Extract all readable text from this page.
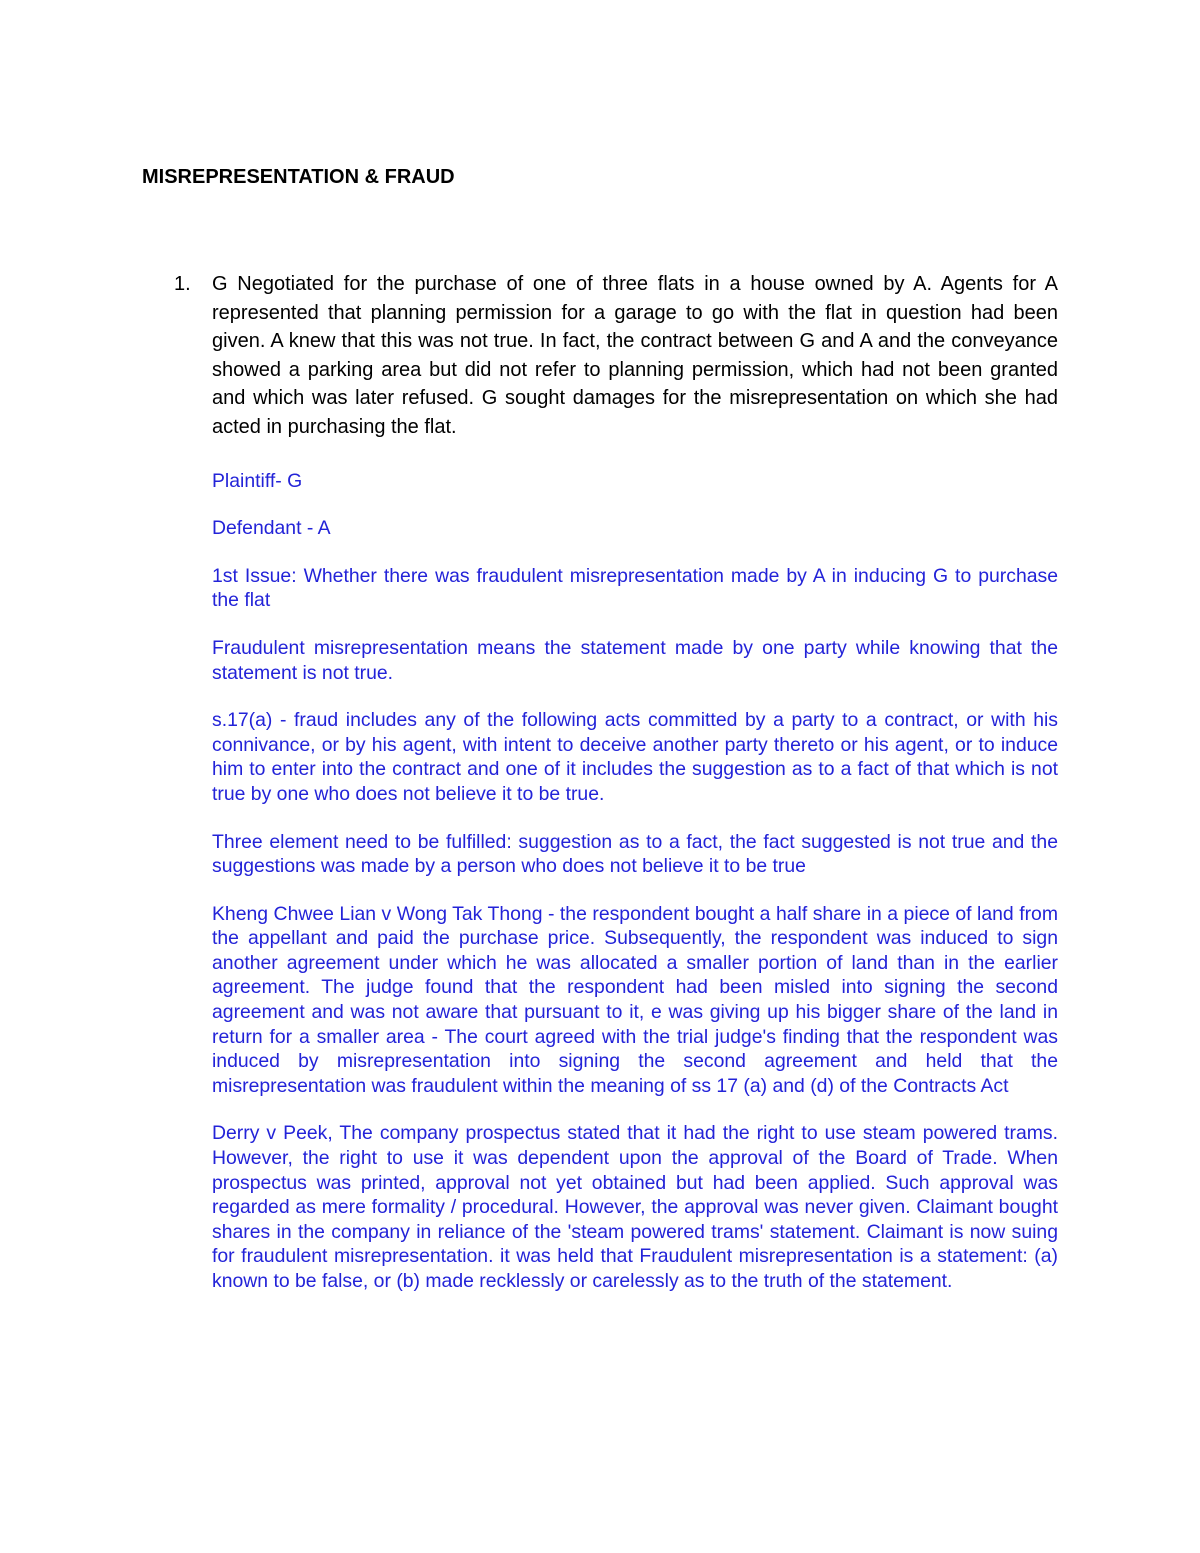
MISREPRESENTATION & FRAUD
1. G Negotiated for the purchase of one of three flats in a house owned by A. Agents for A represented that planning permission for a garage to go with the flat in question had been given. A knew that this was not true. In fact, the contract between G and A and the conveyance showed a parking area but did not refer to planning permission, which had not been granted and which was later refused. G sought damages for the misrepresentation on which she had acted in purchasing the flat.

Plaintiff- G

Defendant - A

1st Issue: Whether there was fraudulent misrepresentation made by A in inducing G to purchase the flat

Fraudulent misrepresentation means the statement made by one party while knowing that the statement is not true.

s.17(a) - fraud includes any of the following acts committed by a party to a contract, or with his connivance, or by his agent, with intent to deceive another party thereto or his agent, or to induce him to enter into the contract and one of it includes the suggestion as to a fact of that which is not true by one who does not believe it to be true.

Three element need to be fulfilled: suggestion as to a fact, the fact suggested is not true and the suggestions was made by a person who does not believe it to be true

Kheng Chwee Lian v Wong Tak Thong - the respondent bought a half share in a piece of land from the appellant and paid the purchase price. Subsequently, the respondent was induced to sign another agreement under which he was allocated a smaller portion of land than in the earlier agreement. The judge found that the respondent had been misled into signing the second agreement and was not aware that pursuant to it, e was giving up his bigger share of the land in return for a smaller area - The court agreed with the trial judge's finding that the respondent was induced by misrepresentation into signing the second agreement and held that the misrepresentation was fraudulent within the meaning of ss 17 (a) and (d) of the Contracts Act

Derry v Peek, The company prospectus stated that it had the right to use steam powered trams. However, the right to use it was dependent upon the approval of the Board of Trade. When prospectus was printed, approval not yet obtained but had been applied. Such approval was regarded as mere formality / procedural. However, the approval was never given. Claimant bought shares in the company in reliance of the 'steam powered trams' statement. Claimant is now suing for fraudulent misrepresentation. it was held that Fraudulent misrepresentation is a statement: (a) known to be false, or (b) made recklessly or carelessly as to the truth of the statement.
